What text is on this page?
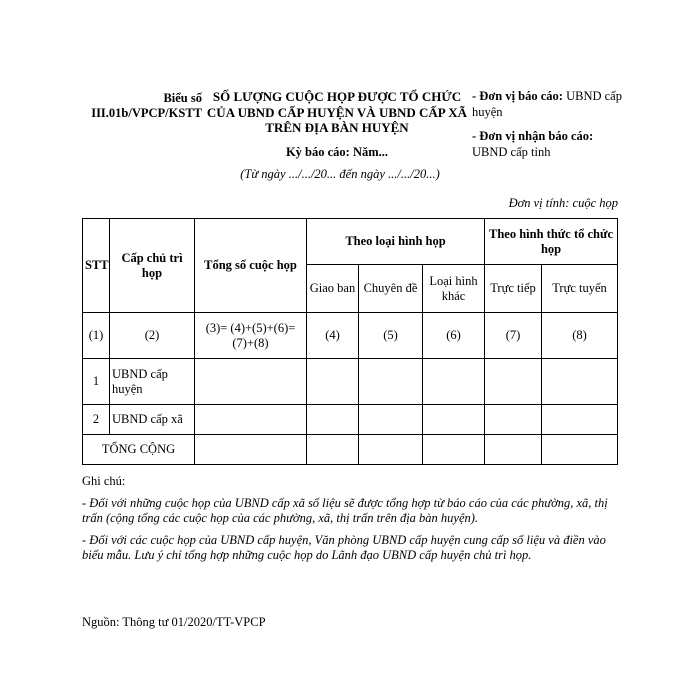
Biểu số III.01b/VPCP/KSTT
SỐ LƯỢNG CUỘC HỌP ĐƯỢC TỔ CHỨC CỦA UBND CẤP HUYỆN VÀ UBND CẤP XÃ TRÊN ĐỊA BÀN HUYỆN
Kỳ báo cáo: Năm...
(Từ ngày .../.../20... đến ngày .../.../20...)
- Đơn vị báo cáo: UBND cấp huyện
- Đơn vị nhận báo cáo: UBND cấp tỉnh
Đơn vị tính: cuộc họp
STT	Cấp chủ trì họp	Tổng số cuộc họp	Theo loại hình họp			Theo hình thức tổ chức họp	
			Giao ban	Chuyên đề	Loại hình khác	Trực tiếp	Trực tuyến
(1)	(2)	(3)= (4)+(5)+(6)=(7)+(8)	(4)	(5)	(6)	(7)	(8)
1	UBND cấp huyện						
2	UBND cấp xã						
TỔNG CỘNG							

Ghi chú:

- Đối với những cuộc họp của UBND cấp xã số liệu sẽ được tổng hợp từ báo cáo của các phường, xã, thị trấn (cộng tổng các cuộc họp của các phường, xã, thị trấn trên địa bàn huyện).

- Đối với các cuộc họp của UBND cấp huyện, Văn phòng UBND cấp huyện cung cấp số liệu và điền vào biểu mẫu. Lưu ý chỉ tổng hợp những cuộc họp do Lãnh đạo UBND cấp huyện chủ trì họp.

Nguồn: Thông tư 01/2020/TT-VPCP
